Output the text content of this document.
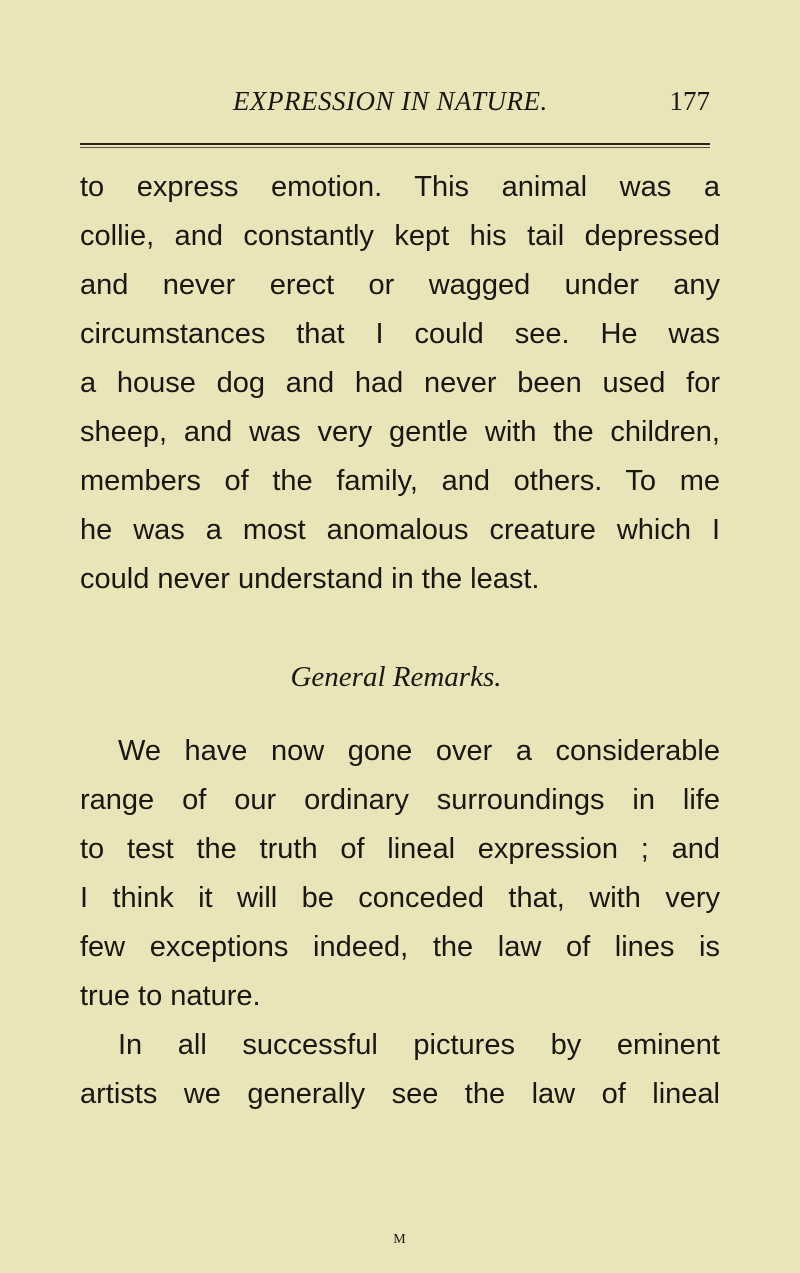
EXPRESSION IN NATURE.	177
to express emotion. This animal was a
collie, and constantly kept his tail depressed
and never erect or wagged under any
circumstances that I could see. He was
a house dog and had never been used for
sheep, and was very gentle with the children,
members of the family, and others. To me
he was a most anomalous creature which I
could never understand in the least.
General Remarks.
We have now gone over a considerable
range of our ordinary surroundings in life
to test the truth of lineal expression ; and
I think it will be conceded that, with very
few exceptions indeed, the law of lines is
true to nature.
In all successful pictures by eminent
artists we generally see the law of lineal
M
